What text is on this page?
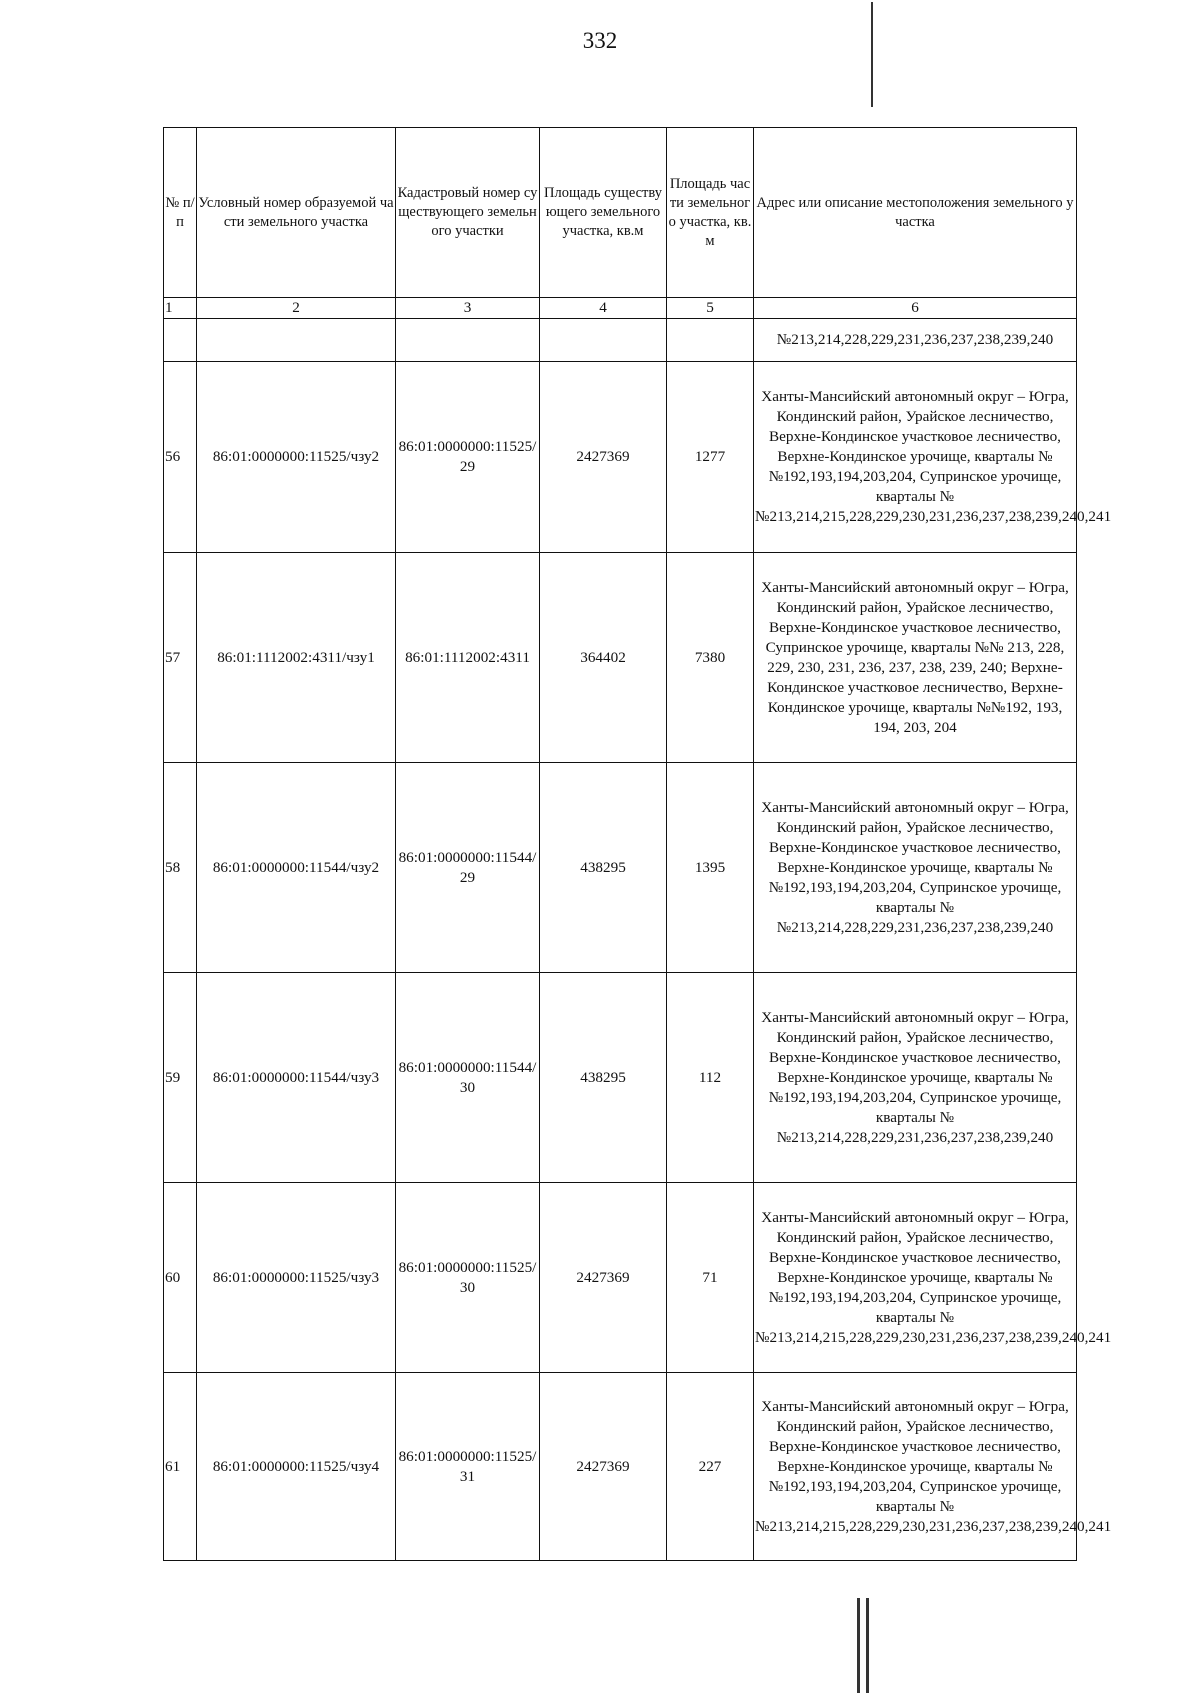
332
№ п/п	Условный номер образуемой части земельного участка	Кадастровый номер существующего земельного участки	Площадь существующего земельного участка, кв.м	Площадь части земельного участка, кв.м	Адрес или описание местоположения земельного участка
1	2	3	4	5	6
					№213,214,228,229,231,236,237,238,239,240
56	86:01:0000000:11525/чзу2	86:01:0000000:11525/29	2427369	1277	Ханты-Мансийский автономный округ – Югра, Кондинский район, Урайское лесничество, Верхне-Кондинское участковое лесничество, Верхне-Кондинское урочище, кварталы №№192,193,194,203,204, Супринское урочище, кварталы №№213,214,215,228,229,230,231,236,237,238,239,240,241
57	86:01:1112002:4311/чзу1	86:01:1112002:4311	364402	7380	Ханты-Мансийский автономный округ – Югра, Кондинский район, Урайское лесничество, Верхне-Кондинское участковое лесничество, Супринское урочище, кварталы №№ 213, 228, 229, 230, 231, 236, 237, 238, 239, 240; Верхне-Кондинское участковое лесничество, Верхне-Кондинское урочище, кварталы №№192, 193, 194, 203, 204
58	86:01:0000000:11544/чзу2	86:01:0000000:11544/29	438295	1395	Ханты-Мансийский автономный округ – Югра, Кондинский район, Урайское лесничество, Верхне-Кондинское участковое лесничество, Верхне-Кондинское урочище, кварталы №№192,193,194,203,204, Супринское урочище, кварталы №№213,214,228,229,231,236,237,238,239,240
59	86:01:0000000:11544/чзу3	86:01:0000000:11544/30	438295	112	Ханты-Мансийский автономный округ – Югра, Кондинский район, Урайское лесничество, Верхне-Кондинское участковое лесничество, Верхне-Кондинское урочище, кварталы №№192,193,194,203,204, Супринское урочище, кварталы №№213,214,228,229,231,236,237,238,239,240
60	86:01:0000000:11525/чзу3	86:01:0000000:11525/30	2427369	71	Ханты-Мансийский автономный округ – Югра, Кондинский район, Урайское лесничество, Верхне-Кондинское участковое лесничество, Верхне-Кондинское урочище, кварталы №№192,193,194,203,204, Супринское урочище, кварталы №№213,214,215,228,229,230,231,236,237,238,239,240,241
61	86:01:0000000:11525/чзу4	86:01:0000000:11525/31	2427369	227	Ханты-Мансийский автономный округ – Югра, Кондинский район, Урайское лесничество, Верхне-Кондинское участковое лесничество, Верхне-Кондинское урочище, кварталы №№192,193,194,203,204, Супринское урочище, кварталы №№213,214,215,228,229,230,231,236,237,238,239,240,241
